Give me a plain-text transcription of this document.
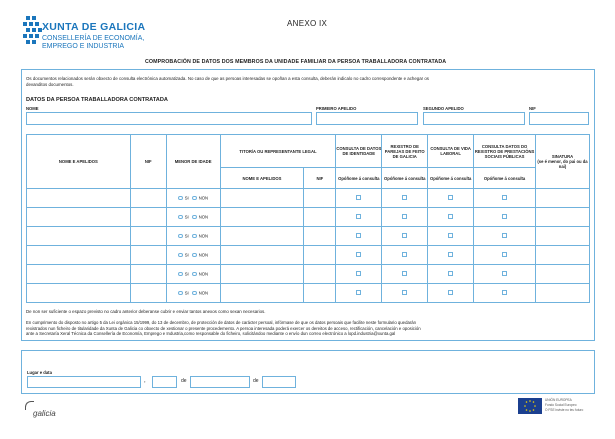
XUNTA DE GALICIA
CONSELLERÍA DE ECONOMÍA,
EMPREGO E INDUSTRIA
ANEXO IX
COMPROBACIÓN DE DATOS DOS MEMBROS DA UNIDADE FAMILIAR DA PERSOA TRABALLADORA CONTRATADA
Os documentos relacionados serán obxecto de consulta electrónica automatizada. No caso de que as persoas interesadas se opoñan a esta consulta, deberán indicalo no cadro correspondente e achegar os
devanditos documentos.
DATOS DA PERSOA TRABALLADORA CONTRATADA
NOME	PRIMEIRO APELIDO	SEGUNDO APELIDO	NIF
NOME E APELIDOS	NIF	MENOR DE IDADE	TITOR/A OU REPRESENTANTE LEGAL		CONSULTA DE DATOS DE IDENTIDADE	REXISTRO DE PAREJAS DE FEITO DE GALICIA	CONSULTA DE VIDA LABORAL	CONSULTA DATOS DO REXISTRO DE PRESTACIÓNS SOCIAIS PÚBLICAS	SINATURA
(se é menor, do pai ou da nai)

			NOME E APELIDOS	NIF	Opóñome á consulta	Opóñome á consulta	Opóñome á consulta	Opóñome á consulta	
		SI NON							
		SI NON							
		SI NON							
		SI NON							
		SI NON							
		SI NON							
De non ser suficiente o espazo previsto no cadro anterior deberanse cubrir e enviar tantos anexos como sexan necesarios.
En cumprimento do disposto no artigo 5 da Lei orgánica 15/1999, do 13 de decembro, de protección de datos de carácter persoal, infórmase de que os datos persoais que facilite neste formulario quedarán
rexistrados nun ficheiro de titularidade da Xunta de Galicia co obxecto de xestionar o presente procedemento. A persoa interesada poderá exercer os dereitos de acceso, rectificación, cancelación e oposición
ante a Secretaría Xeral Técnica da Consellería de Economía, Emprego e Industria,como responsable do ficheiro, solicitándoo mediante o envío dun correo electrónico a lopd.industria@xunta.gal
Lugar e data
,	de	de
galicia
UNIÓN EUROPEA
Fondo Social Europeo
O FSE inviste no teu futuro
